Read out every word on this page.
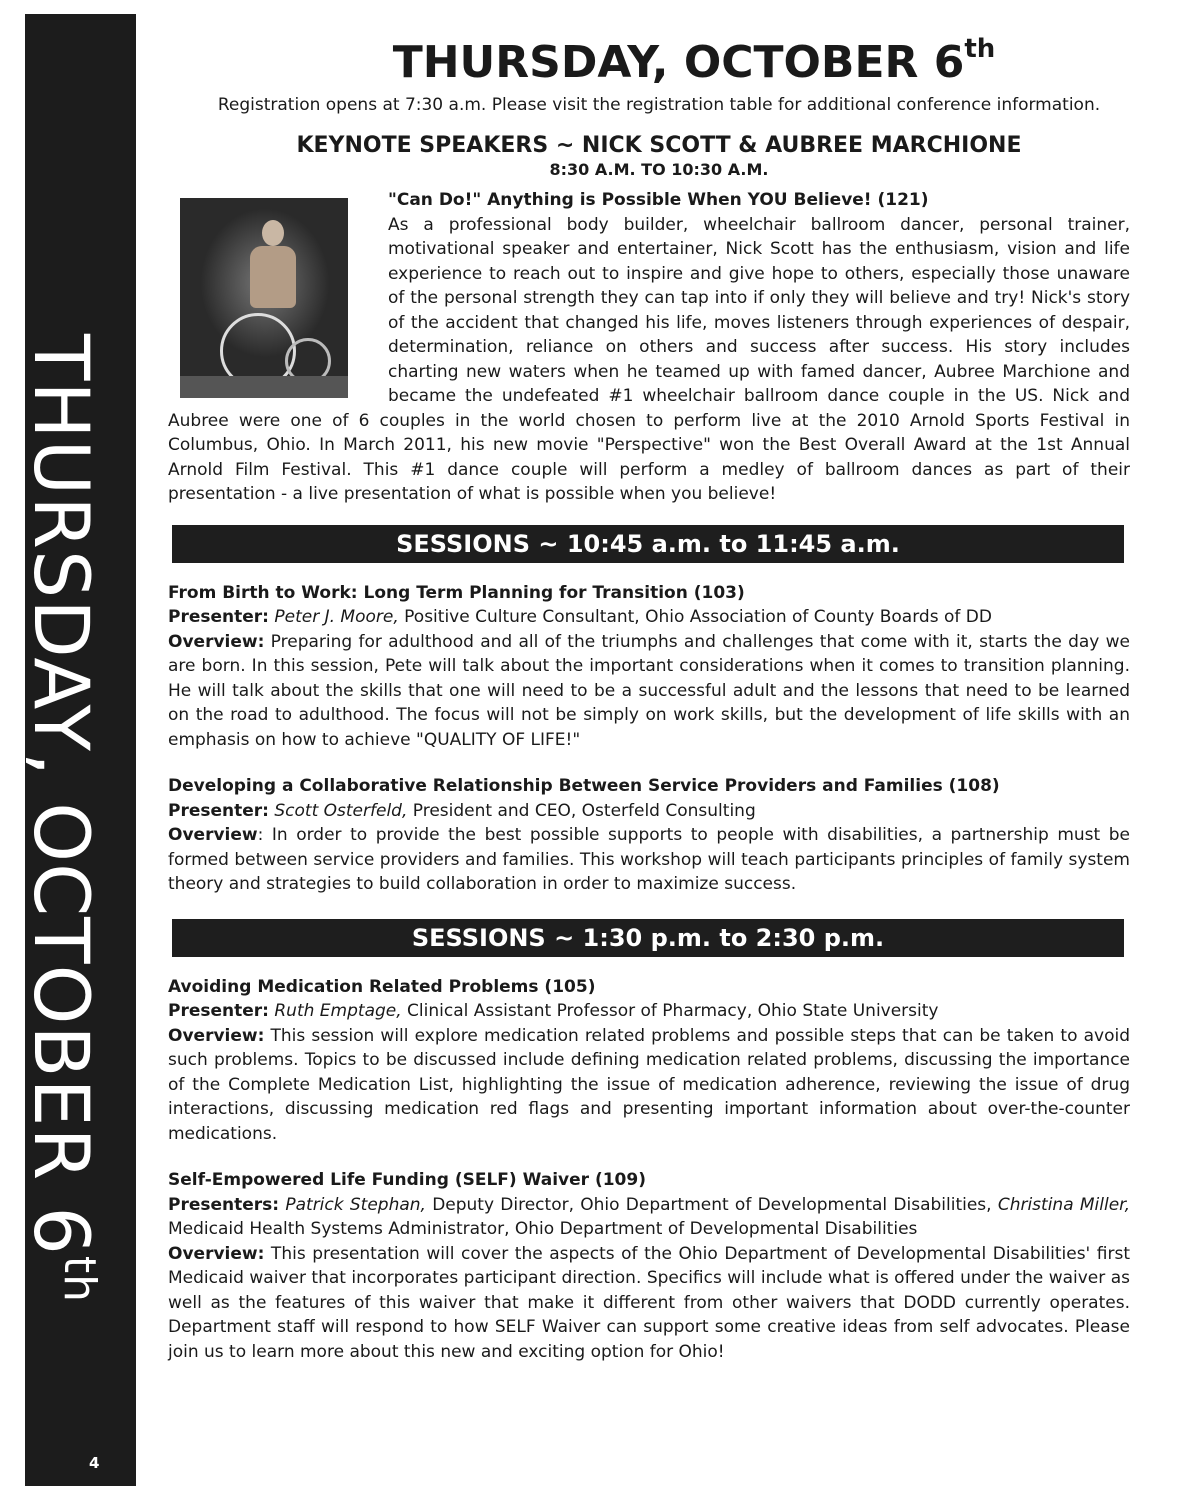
THURSDAY, OCTOBER 6th
4
THURSDAY, OCTOBER 6th

Registration opens at 7:30 a.m. Please visit the registration table for additional conference information.

KEYNOTE SPEAKERS ~ NICK SCOTT & AUBREE MARCHIONE

8:30 A.M. TO 10:30 A.M.

"Can Do!" Anything is Possible When YOU Believe! (121)
As a professional body builder, wheelchair ballroom dancer, personal trainer, motivational speaker and entertainer, Nick Scott has the enthusiasm, vision and life experience to reach out to inspire and give hope to others, especially those unaware of the personal strength they can tap into if only they will believe and try! Nick's story of the accident that changed his life, moves listeners through experiences of despair, determination, reliance on others and success after success. His story includes charting new waters when he teamed up with famed dancer, Aubree Marchione and became the undefeated #1 wheelchair ballroom dance couple in the US. Nick and Aubree were one of 6 couples in the world chosen to perform live at the 2010 Arnold Sports Festival in Columbus, Ohio. In March 2011, his new movie "Perspective" won the Best Overall Award at the 1st Annual Arnold Film Festival. This #1 dance couple will perform a medley of ballroom dances as part of their presentation - a live presentation of what is possible when you believe!
SESSIONS ~ 10:45 a.m. to 11:45 a.m.
From Birth to Work: Long Term Planning for Transition (103)
Presenter: Peter J. Moore, Positive Culture Consultant, Ohio Association of County Boards of DD
Overview: Preparing for adulthood and all of the triumphs and challenges that come with it, starts the day we are born. In this session, Pete will talk about the important considerations when it comes to transition planning. He will talk about the skills that one will need to be a successful adult and the lessons that need to be learned on the road to adulthood. The focus will not be simply on work skills, but the development of life skills with an emphasis on how to achieve "QUALITY OF LIFE!"
Developing a Collaborative Relationship Between Service Providers and Families (108)
Presenter: Scott Osterfeld, President and CEO, Osterfeld Consulting
Overview: In order to provide the best possible supports to people with disabilities, a partnership must be formed between service providers and families. This workshop will teach participants principles of family system theory and strategies to build collaboration in order to maximize success.
SESSIONS ~ 1:30 p.m. to 2:30 p.m.
Avoiding Medication Related Problems (105)
Presenter: Ruth Emptage, Clinical Assistant Professor of Pharmacy, Ohio State University
Overview: This session will explore medication related problems and possible steps that can be taken to avoid such problems. Topics to be discussed include defining medication related problems, discussing the importance of the Complete Medication List, highlighting the issue of medication adherence, reviewing the issue of drug interactions, discussing medication red flags and presenting important information about over-the-counter medications.
Self-Empowered Life Funding (SELF) Waiver (109)
Presenters: Patrick Stephan, Deputy Director, Ohio Department of Developmental Disabilities, Christina Miller, Medicaid Health Systems Administrator, Ohio Department of Developmental Disabilities
Overview: This presentation will cover the aspects of the Ohio Department of Developmental Disabilities' first Medicaid waiver that incorporates participant direction. Specifics will include what is offered under the waiver as well as the features of this waiver that make it different from other waivers that DODD currently operates. Department staff will respond to how SELF Waiver can support some creative ideas from self advocates. Please join us to learn more about this new and exciting option for Ohio!
